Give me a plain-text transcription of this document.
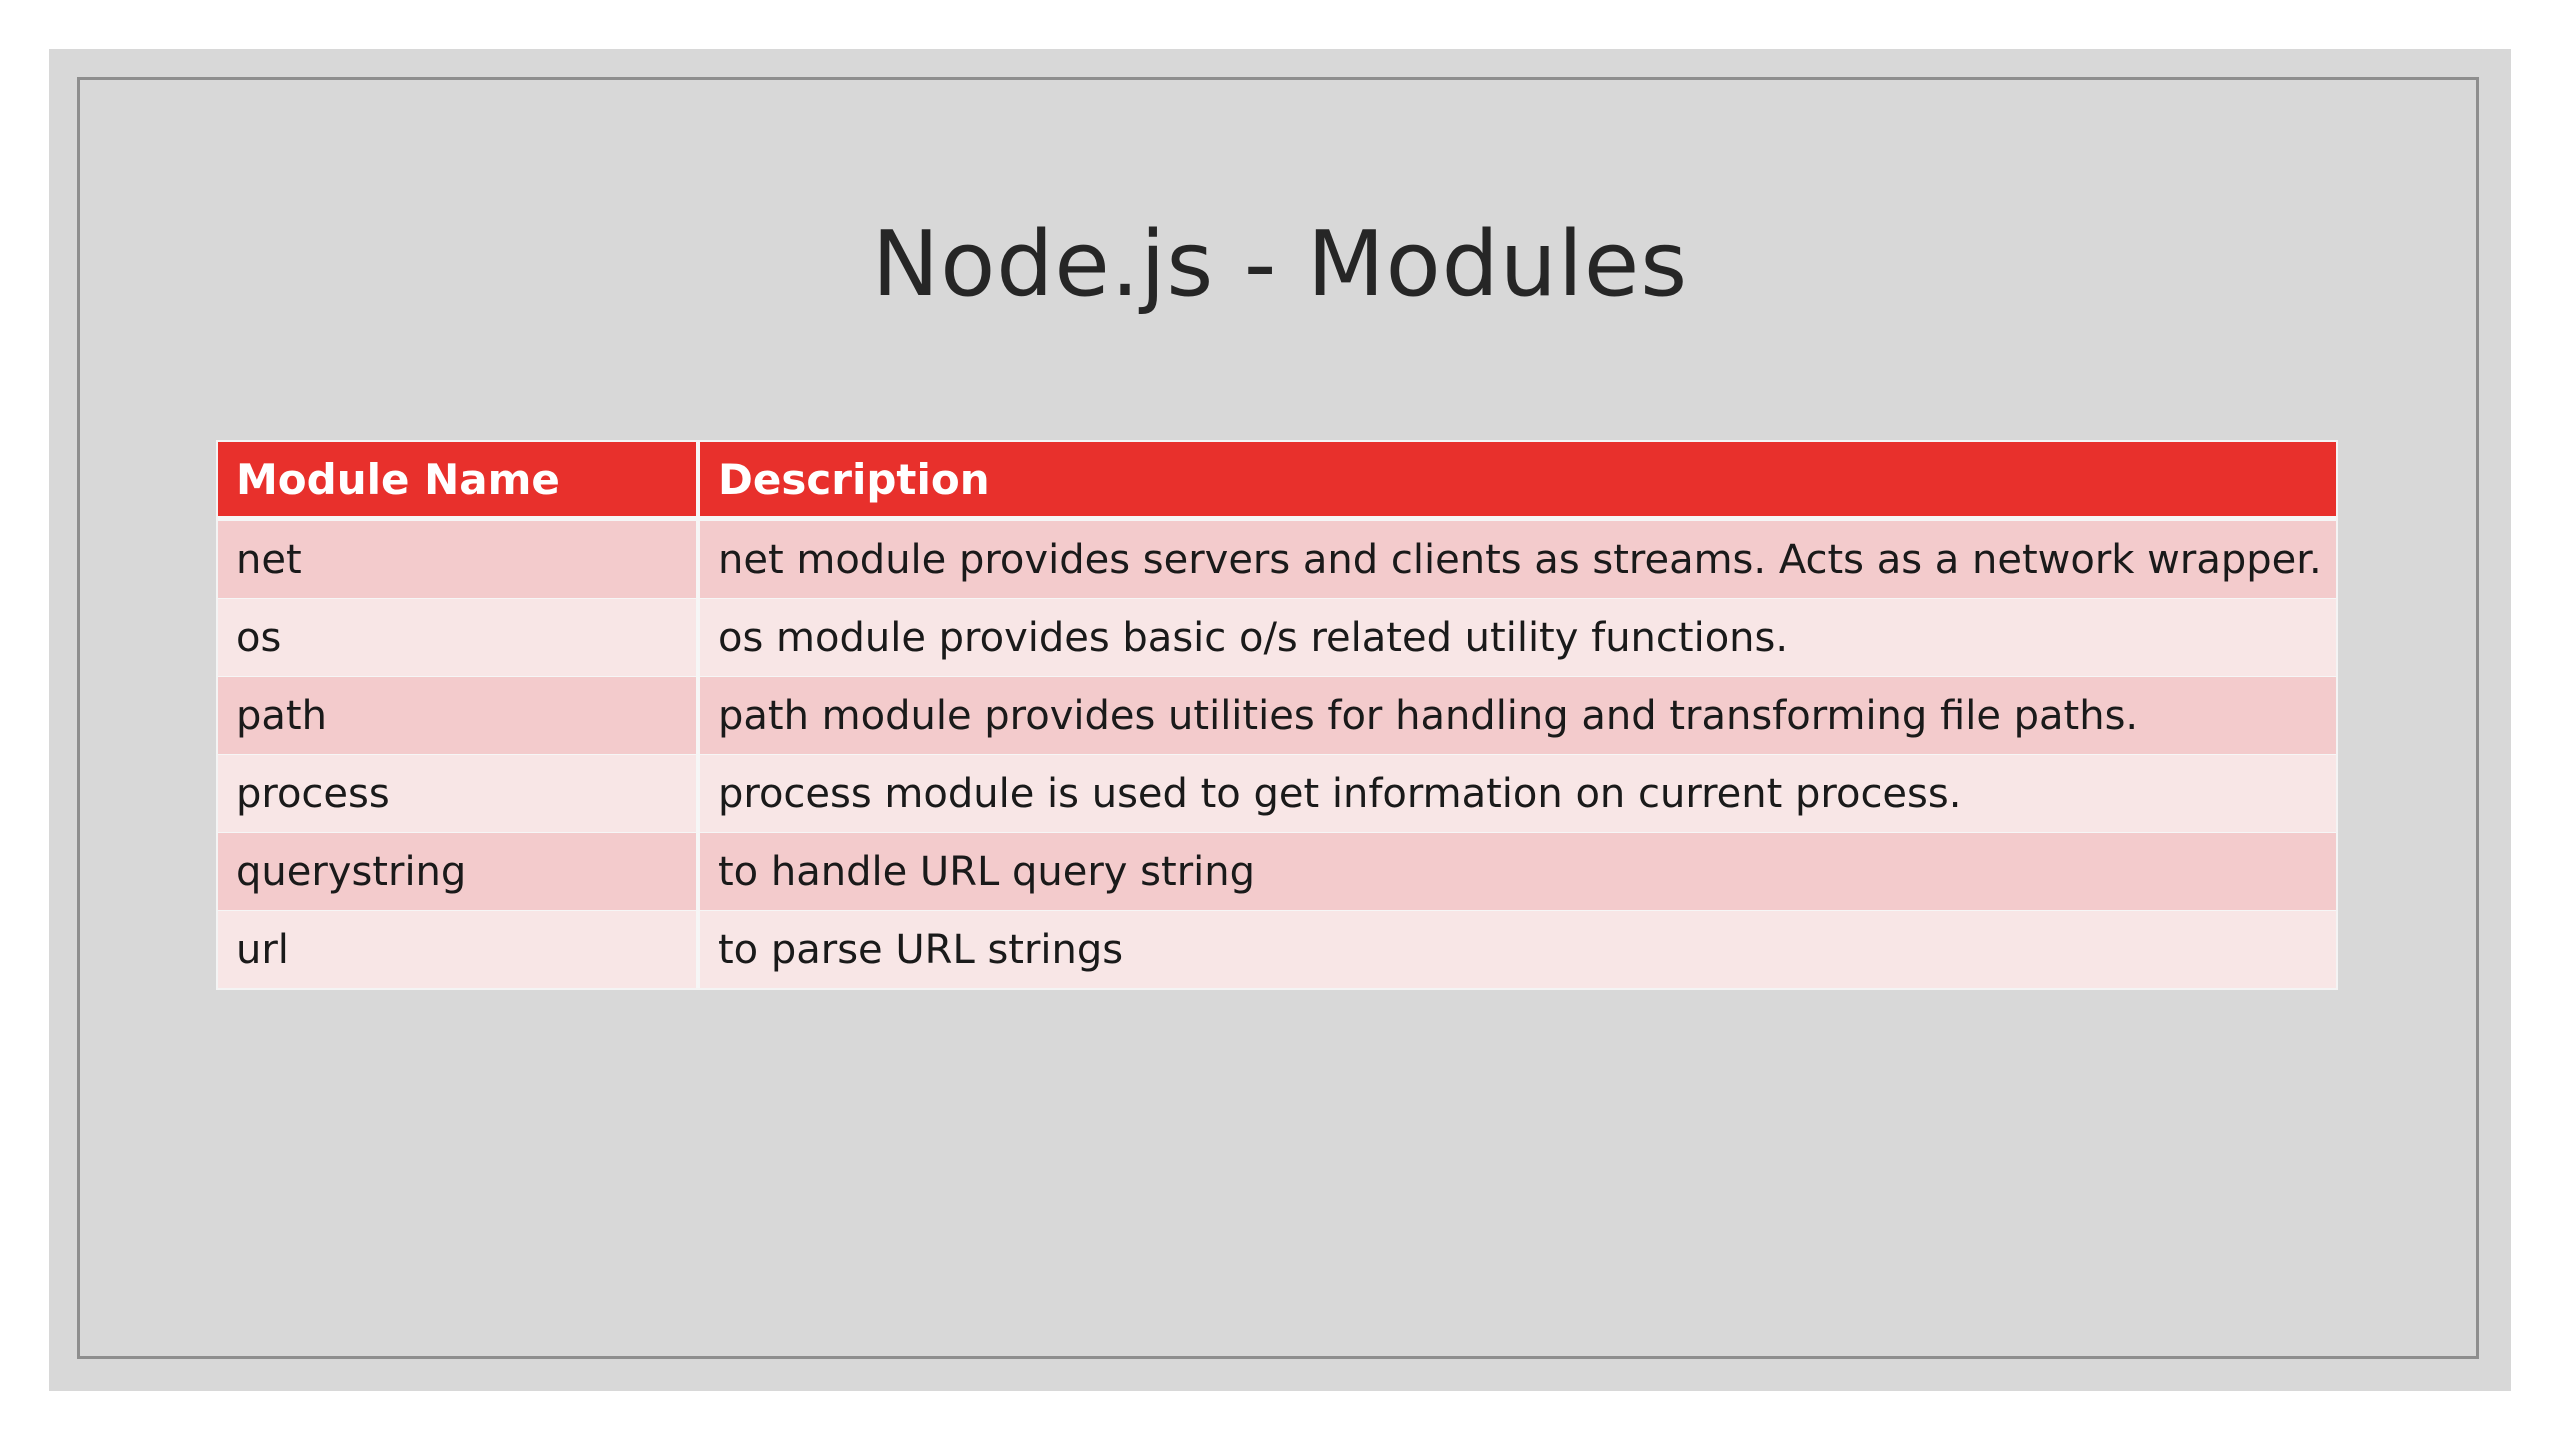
Node.js - Modules
Module Name	Description
net	net module provides servers and clients as streams. Acts as a network wrapper.
os	os module provides basic o/s related utility functions.
path	path module provides utilities for handling and transforming file paths.
process	process module is used to get information on current process.
querystring	to handle URL query string
url	to parse URL strings
